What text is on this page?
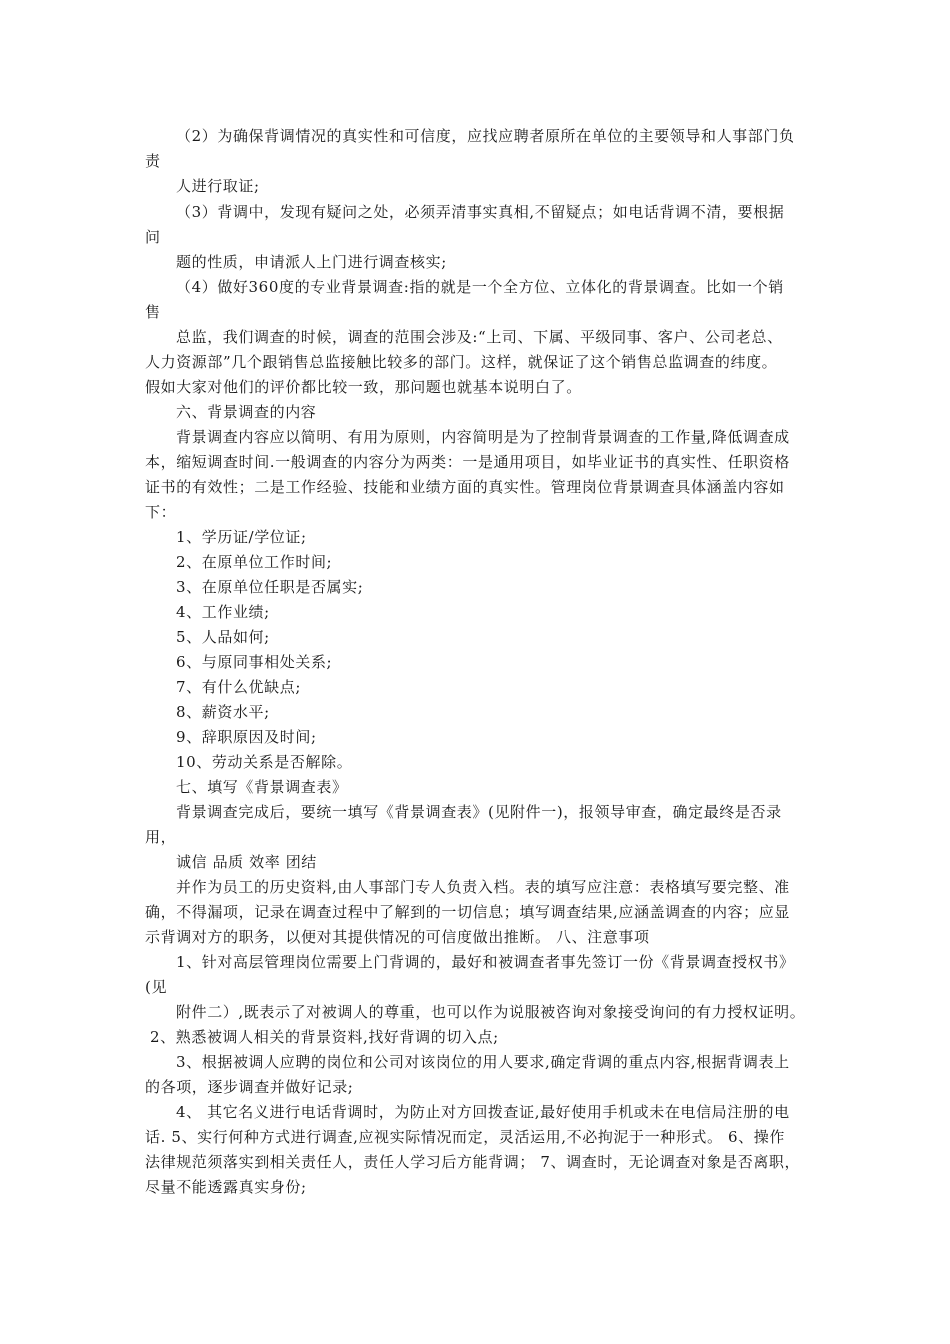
（2）为确保背调情况的真实性和可信度，应找应聘者原所在单位的主要领导和人事部门负
责
人进行取证;
（3）背调中，发现有疑问之处，必须弄清事实真相,不留疑点；如电话背调不清，要根据
问
题的性质，申请派人上门进行调查核实;
（4）做好360度的专业背景调查:指的就是一个全方位、立体化的背景调查。比如一个销
售
总监，我们调查的时候，调查的范围会涉及:“上司、下属、平级同事、客户、公司老总、
人力资源部”几个跟销售总监接触比较多的部门。这样，就保证了这个销售总监调查的纬度。
假如大家对他们的评价都比较一致，那问题也就基本说明白了。
六、背景调查的内容
背景调查内容应以简明、有用为原则，内容简明是为了控制背景调查的工作量,降低调查成
本，缩短调查时间.一般调查的内容分为两类：一是通用项目，如毕业证书的真实性、任职资格
证书的有效性；二是工作经验、技能和业绩方面的真实性。管理岗位背景调查具体涵盖内容如
下：
1、学历证/学位证;
2、在原单位工作时间;
3、在原单位任职是否属实;
4、工作业绩;
5、人品如何;
6、与原同事相处关系;
7、有什么优缺点;
8、薪资水平;
9、辞职原因及时间;
10、劳动关系是否解除。
七、填写《背景调查表》
背景调查完成后，要统一填写《背景调查表》(见附件一)，报领导审查，确定最终是否录
用，
诚信 品质 效率 团结
并作为员工的历史资料,由人事部门专人负责入档。表的填写应注意：表格填写要完整、准
确，不得漏项，记录在调查过程中了解到的一切信息；填写调查结果,应涵盖调查的内容；应显
示背调对方的职务，以便对其提供情况的可信度做出推断。 八、注意事项
1、针对高层管理岗位需要上门背调的，最好和被调查者事先签订一份《背景调查授权书》
(见
附件二）,既表示了对被调人的尊重，也可以作为说服被咨询对象接受询问的有力授权证明。
2、熟悉被调人相关的背景资料,找好背调的切入点;
3、根据被调人应聘的岗位和公司对该岗位的用人要求,确定背调的重点内容,根据背调表上
的各项，逐步调查并做好记录;
4、 其它名义进行电话背调时，为防止对方回拨查证,最好使用手机或未在电信局注册的电
话. 5、实行何种方式进行调查,应视实际情况而定，灵活运用,不必拘泥于一种形式。 6、操作
法律规范须落实到相关责任人，责任人学习后方能背调； 7、调查时，无论调查对象是否离职，
尽量不能透露真实身份;
